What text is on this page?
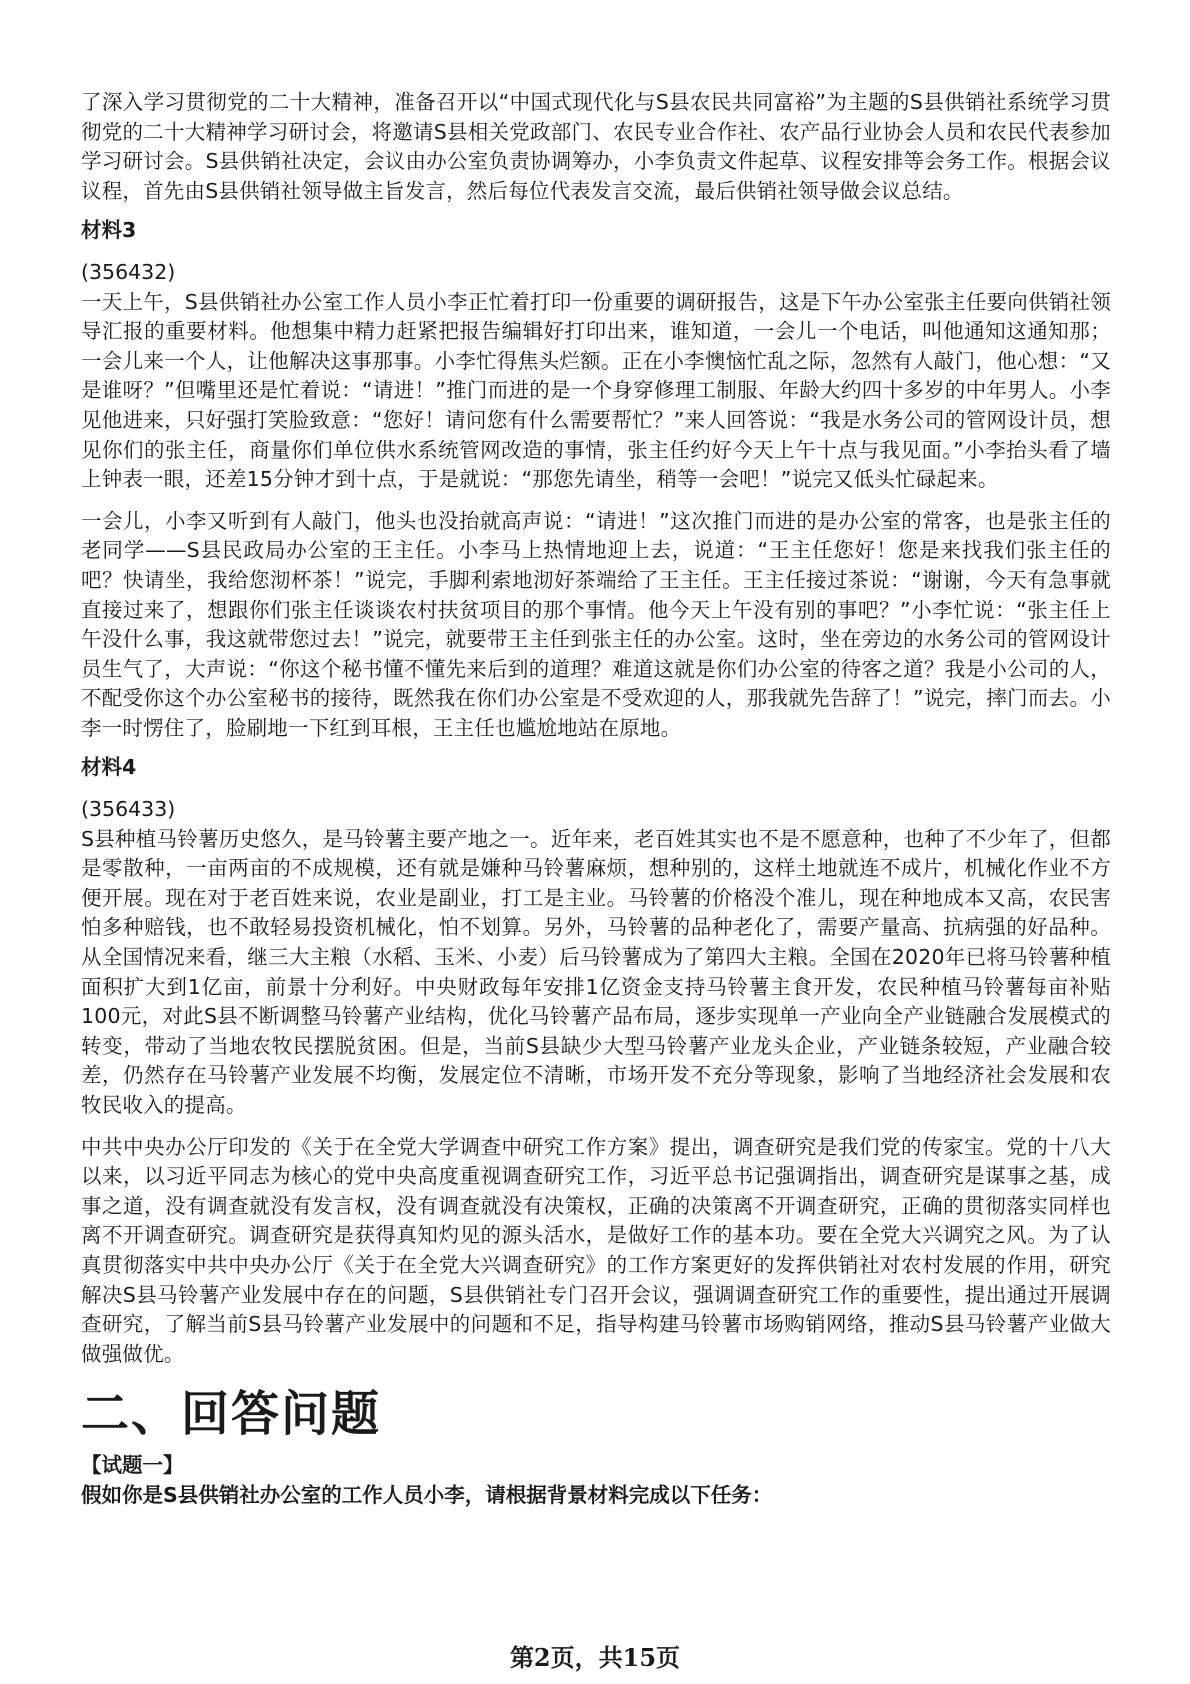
了深入学习贯彻党的二十大精神，准备召开以“中国式现代化与S县农民共同富裕”为主题的S县供销社系统学习贯彻党的二十大精神学习研讨会，将邀请S县相关党政部门、农民专业合作社、农产品行业协会人员和农民代表参加学习研讨会。S县供销社决定，会议由办公室负责协调筹办，小李负责文件起草、议程安排等会务工作。根据会议议程，首先由S县供销社领导做主旨发言，然后每位代表发言交流，最后供销社领导做会议总结。

材料3

(356432)

一天上午，S县供销社办公室工作人员小李正忙着打印一份重要的调研报告，这是下午办公室张主任要向供销社领导汇报的重要材料。他想集中精力赶紧把报告编辑好打印出来，谁知道，一会儿一个电话，叫他通知这通知那；一会儿来一个人，让他解决这事那事。小李忙得焦头烂额。正在小李懊恼忙乱之际，忽然有人敲门，他心想：“又是谁呀？”但嘴里还是忙着说：“请进！”推门而进的是一个身穿修理工制服、年龄大约四十多岁的中年男人。小李见他进来，只好强打笑脸致意：“您好！请问您有什么需要帮忙？”来人回答说：“我是水务公司的管网设计员，想见你们的张主任，商量你们单位供水系统管网改造的事情，张主任约好今天上午十点与我见面。”小李抬头看了墙上钟表一眼，还差15分钟才到十点，于是就说：“那您先请坐，稍等一会吧！”说完又低头忙碌起来。

一会儿，小李又听到有人敲门，他头也没抬就高声说：“请进！”这次推门而进的是办公室的常客，也是张主任的老同学——S县民政局办公室的王主任。小李马上热情地迎上去，说道：“王主任您好！您是来找我们张主任的吧？快请坐，我给您沏杯茶！”说完，手脚利索地沏好茶端给了王主任。王主任接过茶说：“谢谢，今天有急事就直接过来了，想跟你们张主任谈谈农村扶贫项目的那个事情。他今天上午没有别的事吧？”小李忙说：“张主任上午没什么事，我这就带您过去！”说完，就要带王主任到张主任的办公室。这时，坐在旁边的水务公司的管网设计员生气了，大声说：“你这个秘书懂不懂先来后到的道理？难道这就是你们办公室的待客之道？我是小公司的人，不配受你这个办公室秘书的接待，既然我在你们办公室是不受欢迎的人，那我就先告辞了！”说完，摔门而去。小李一时愣住了，脸刷地一下红到耳根，王主任也尴尬地站在原地。

材料4

(356433)

S县种植马铃薯历史悠久，是马铃薯主要产地之一。近年来，老百姓其实也不是不愿意种，也种了不少年了，但都是零散种，一亩两亩的不成规模，还有就是嫌种马铃薯麻烦，想种别的，这样土地就连不成片，机械化作业不方便开展。现在对于老百姓来说，农业是副业，打工是主业。马铃薯的价格没个准儿，现在种地成本又高，农民害怕多种赔钱，也不敢轻易投资机械化，怕不划算。另外，马铃薯的品种老化了，需要产量高、抗病强的好品种。从全国情况来看，继三大主粮（水稻、玉米、小麦）后马铃薯成为了第四大主粮。全国在2020年已将马铃薯种植面积扩大到1亿亩，前景十分利好。中央财政每年安排1亿资金支持马铃薯主食开发，农民种植马铃薯每亩补贴100元，对此S县不断调整马铃薯产业结构，优化马铃薯产品布局，逐步实现单一产业向全产业链融合发展模式的转变，带动了当地农牧民摆脱贫困。但是，当前S县缺少大型马铃薯产业龙头企业，产业链条较短，产业融合较差，仍然存在马铃薯产业发展不均衡，发展定位不清晰，市场开发不充分等现象，影响了当地经济社会发展和农牧民收入的提高。

中共中央办公厅印发的《关于在全党大学调查中研究工作方案》提出，调查研究是我们党的传家宝。党的十八大以来，以习近平同志为核心的党中央高度重视调查研究工作，习近平总书记强调指出，调查研究是谋事之基，成事之道，没有调查就没有发言权，没有调查就没有决策权，正确的决策离不开调查研究，正确的贯彻落实同样也离不开调查研究。调查研究是获得真知灼见的源头活水，是做好工作的基本功。要在全党大兴调究之风。为了认真贯彻落实中共中央办公厅《关于在全党大兴调查研究》的工作方案更好的发挥供销社对农村发展的作用，研究解决S县马铃薯产业发展中存在的问题，S县供销社专门召开会议，强调调查研究工作的重要性，提出通过开展调查研究，了解当前S县马铃薯产业发展中的问题和不足，指导构建马铃薯市场购销网络，推动S县马铃薯产业做大做强做优。

二、回答问题

【试题一】

假如你是S县供销社办公室的工作人员小李，请根据背景材料完成以下任务：

第2页，共15页
